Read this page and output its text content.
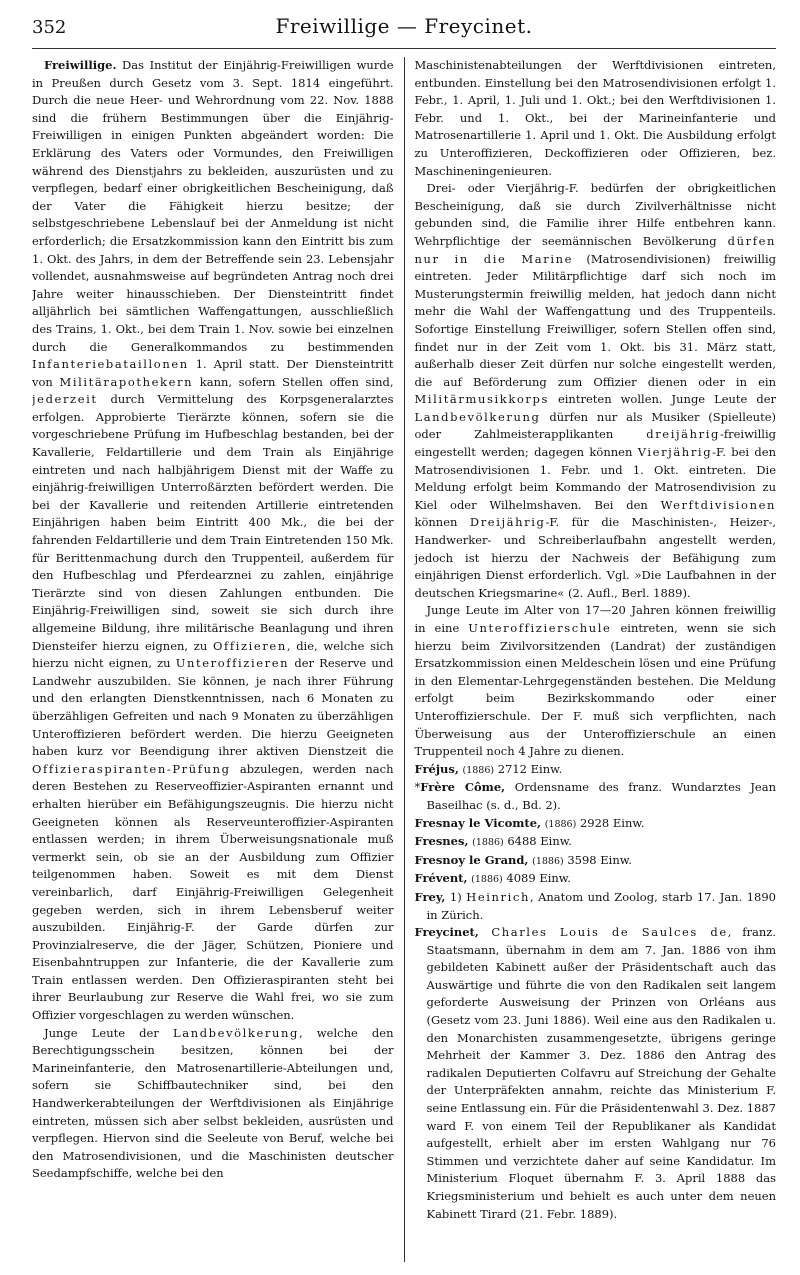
352	Freiwillige — Freycinet.

Freiwillige. Das Institut der Einjährig-Freiwilligen wurde in Preußen durch Gesetz vom 3. Sept. 1814 eingeführt. Durch die neue Heer- und Wehrordnung vom 22. Nov. 1888 sind die frühern Bestimmungen über die Einjährig-Freiwilligen in einigen Punkten abgeändert worden: Die Erklärung des Vaters oder Vormundes, den Freiwilligen während des Dienstjahrs zu bekleiden, auszurüsten und zu verpflegen, bedarf einer obrigkeitlichen Bescheinigung, daß der Vater die Fähigkeit hierzu besitze; der selbstgeschriebene Lebenslauf bei der Anmeldung ist nicht erforderlich; die Ersatzkommission kann den Eintritt bis zum 1. Okt. des Jahrs, in dem der Betreffende sein 23. Lebensjahr vollendet, ausnahmsweise auf begründeten Antrag noch drei Jahre weiter hinausschieben. Der Diensteintritt findet alljährlich bei sämtlichen Waffengattungen, ausschließlich des Trains, 1. Okt., bei dem Train 1. Nov. sowie bei einzelnen durch die Generalkommandos zu bestimmenden Infanteriebataillonen 1. April statt. Der Diensteintritt von Militärapothekern kann, sofern Stellen offen sind, jederzeit durch Vermittelung des Korpsgeneralarztes erfolgen. Approbierte Tierärzte können, sofern sie die vorgeschriebene Prüfung im Hufbeschlag bestanden, bei der Kavallerie, Feldartillerie und dem Train als Einjährige eintreten und nach halbjährigem Dienst mit der Waffe zu einjährig-freiwilligen Unterroßärzten befördert werden. Die bei der Kavallerie und reitenden Artillerie eintretenden Einjährigen haben beim Eintritt 400 Mk., die bei der fahrenden Feldartillerie und dem Train Eintretenden 150 Mk. für Berittenmachung durch den Truppenteil, außerdem für den Hufbeschlag und Pferdearznei zu zahlen, einjährige Tierärzte sind von diesen Zahlungen entbunden. Die Einjährig-Freiwilligen sind, soweit sie sich durch ihre allgemeine Bildung, ihre militärische Beanlagung und ihren Diensteifer hierzu eignen, zu Offizieren, die, welche sich hierzu nicht eignen, zu Unteroffizieren der Reserve und Landwehr auszubilden. Sie können, je nach ihrer Führung und den erlangten Dienstkenntnissen, nach 6 Monaten zu überzähligen Gefreiten und nach 9 Monaten zu überzähligen Unteroffizieren befördert werden. Die hierzu Geeigneten haben kurz vor Beendigung ihrer aktiven Dienstzeit die Offizieraspiranten-Prüfung abzulegen, werden nach deren Bestehen zu Reserveoffizier-Aspiranten ernannt und erhalten hierüber ein Befähigungszeugnis. Die hierzu nicht Geeigneten können als Reserveunteroffizier-Aspiranten entlassen werden; in ihrem Überweisungsnationale muß vermerkt sein, ob sie an der Ausbildung zum Offizier teilgenommen haben. Soweit es mit dem Dienst vereinbarlich, darf Einjährig-Freiwilligen Gelegenheit gegeben werden, sich in ihrem Lebensberuf weiter auszubilden. Einjährig-F. der Garde dürfen zur Provinzialreserve, die der Jäger, Schützen, Pioniere und Eisenbahntruppen zur Infanterie, die der Kavallerie zum Train entlassen werden. Den Offizieraspiranten steht bei ihrer Beurlaubung zur Reserve die Wahl frei, wo sie zum Offizier vorgeschlagen zu werden wünschen.

Junge Leute der Landbevölkerung, welche den Berechtigungsschein besitzen, können bei der Marineinfanterie, den Matrosenartillerie-Abteilungen und, sofern sie Schiffbautechniker sind, bei den Handwerkerabteilungen der Werftdivisionen als Einjährige eintreten, müssen sich aber selbst bekleiden, ausrüsten und verpflegen. Hiervon sind die Seeleute von Beruf, welche bei den Matrosendivisionen, und die Maschinisten deutscher Seedampfschiffe, welche bei den

Maschinistenabteilungen der Werftdivisionen eintreten, entbunden. Einstellung bei den Matrosendivisionen erfolgt 1. Febr., 1. April, 1. Juli und 1. Okt.; bei den Werftdivisionen 1. Febr. und 1. Okt., bei der Marineinfanterie und Matrosenartillerie 1. April und 1. Okt. Die Ausbildung erfolgt zu Unteroffizieren, Deckoffizieren oder Offizieren, bez. Maschineningenieuren.

Drei- oder Vierjährig-F. bedürfen der obrigkeitlichen Bescheinigung, daß sie durch Zivilverhältnisse nicht gebunden sind, die Familie ihrer Hilfe entbehren kann. Wehrpflichtige der seemännischen Bevölkerung dürfen nur in die Marine (Matrosendivisionen) freiwillig eintreten. Jeder Militärpflichtige darf sich noch im Musterungstermin freiwillig melden, hat jedoch dann nicht mehr die Wahl der Waffengattung und des Truppenteils. Sofortige Einstellung Freiwilliger, sofern Stellen offen sind, findet nur in der Zeit vom 1. Okt. bis 31. März statt, außerhalb dieser Zeit dürfen nur solche eingestellt werden, die auf Beförderung zum Offizier dienen oder in ein Militärmusikkorps eintreten wollen. Junge Leute der Landbevölkerung dürfen nur als Musiker (Spielleute) oder Zahlmeisterapplikanten dreijährig-freiwillig eingestellt werden; dagegen können Vierjährig-F. bei den Matrosendivisionen 1. Febr. und 1. Okt. eintreten. Die Meldung erfolgt beim Kommando der Matrosendivision zu Kiel oder Wilhelmshaven. Bei den Werftdivisionen können Dreijährig-F. für die Maschinisten-, Heizer-, Handwerker- und Schreiberlaufbahn angestellt werden, jedoch ist hierzu der Nachweis der Befähigung zum einjährigen Dienst erforderlich. Vgl. »Die Laufbahnen in der deutschen Kriegsmarine« (2. Aufl., Berl. 1889).

Junge Leute im Alter von 17—20 Jahren können freiwillig in eine Unteroffizierschule eintreten, wenn sie sich hierzu beim Zivilvorsitzenden (Landrat) der zuständigen Ersatzkommission einen Meldeschein lösen und eine Prüfung in den Elementar-Lehrgegenständen bestehen. Die Meldung erfolgt beim Bezirkskommando oder einer Unteroffizierschule. Der F. muß sich verpflichten, nach Überweisung aus der Unteroffizierschule an einen Truppenteil noch 4 Jahre zu dienen.

Fréjus, (1886) 2712 Einw.

*Frère Côme, Ordensname des franz. Wundarztes Jean Baseilhac (s. d., Bd. 2).

Fresnay le Vicomte, (1886) 2928 Einw.

Fresnes, (1886) 6488 Einw.

Fresnoy le Grand, (1886) 3598 Einw.

Frévent, (1886) 4089 Einw.

Frey, 1) Heinrich, Anatom und Zoolog, starb 17. Jan. 1890 in Zürich.

Freycinet, Charles Louis de Saulces de, franz. Staatsmann, übernahm in dem am 7. Jan. 1886 von ihm gebildeten Kabinett außer der Präsidentschaft auch das Auswärtige und führte die von den Radikalen seit langem geforderte Ausweisung der Prinzen von Orléans aus (Gesetz vom 23. Juni 1886). Weil eine aus den Radikalen u. den Monarchisten zusammengesetzte, übrigens geringe Mehrheit der Kammer 3. Dez. 1886 den Antrag des radikalen Deputierten Colfavru auf Streichung der Gehalte der Unterpräfekten annahm, reichte das Ministerium F. seine Entlassung ein. Für die Präsidentenwahl 3. Dez. 1887 ward F. von einem Teil der Republikaner als Kandidat aufgestellt, erhielt aber im ersten Wahlgang nur 76 Stimmen und verzichtete daher auf seine Kandidatur. Im Ministerium Floquet übernahm F. 3. April 1888 das Kriegsministerium und behielt es auch unter dem neuen Kabinett Tirard (21. Febr. 1889).
